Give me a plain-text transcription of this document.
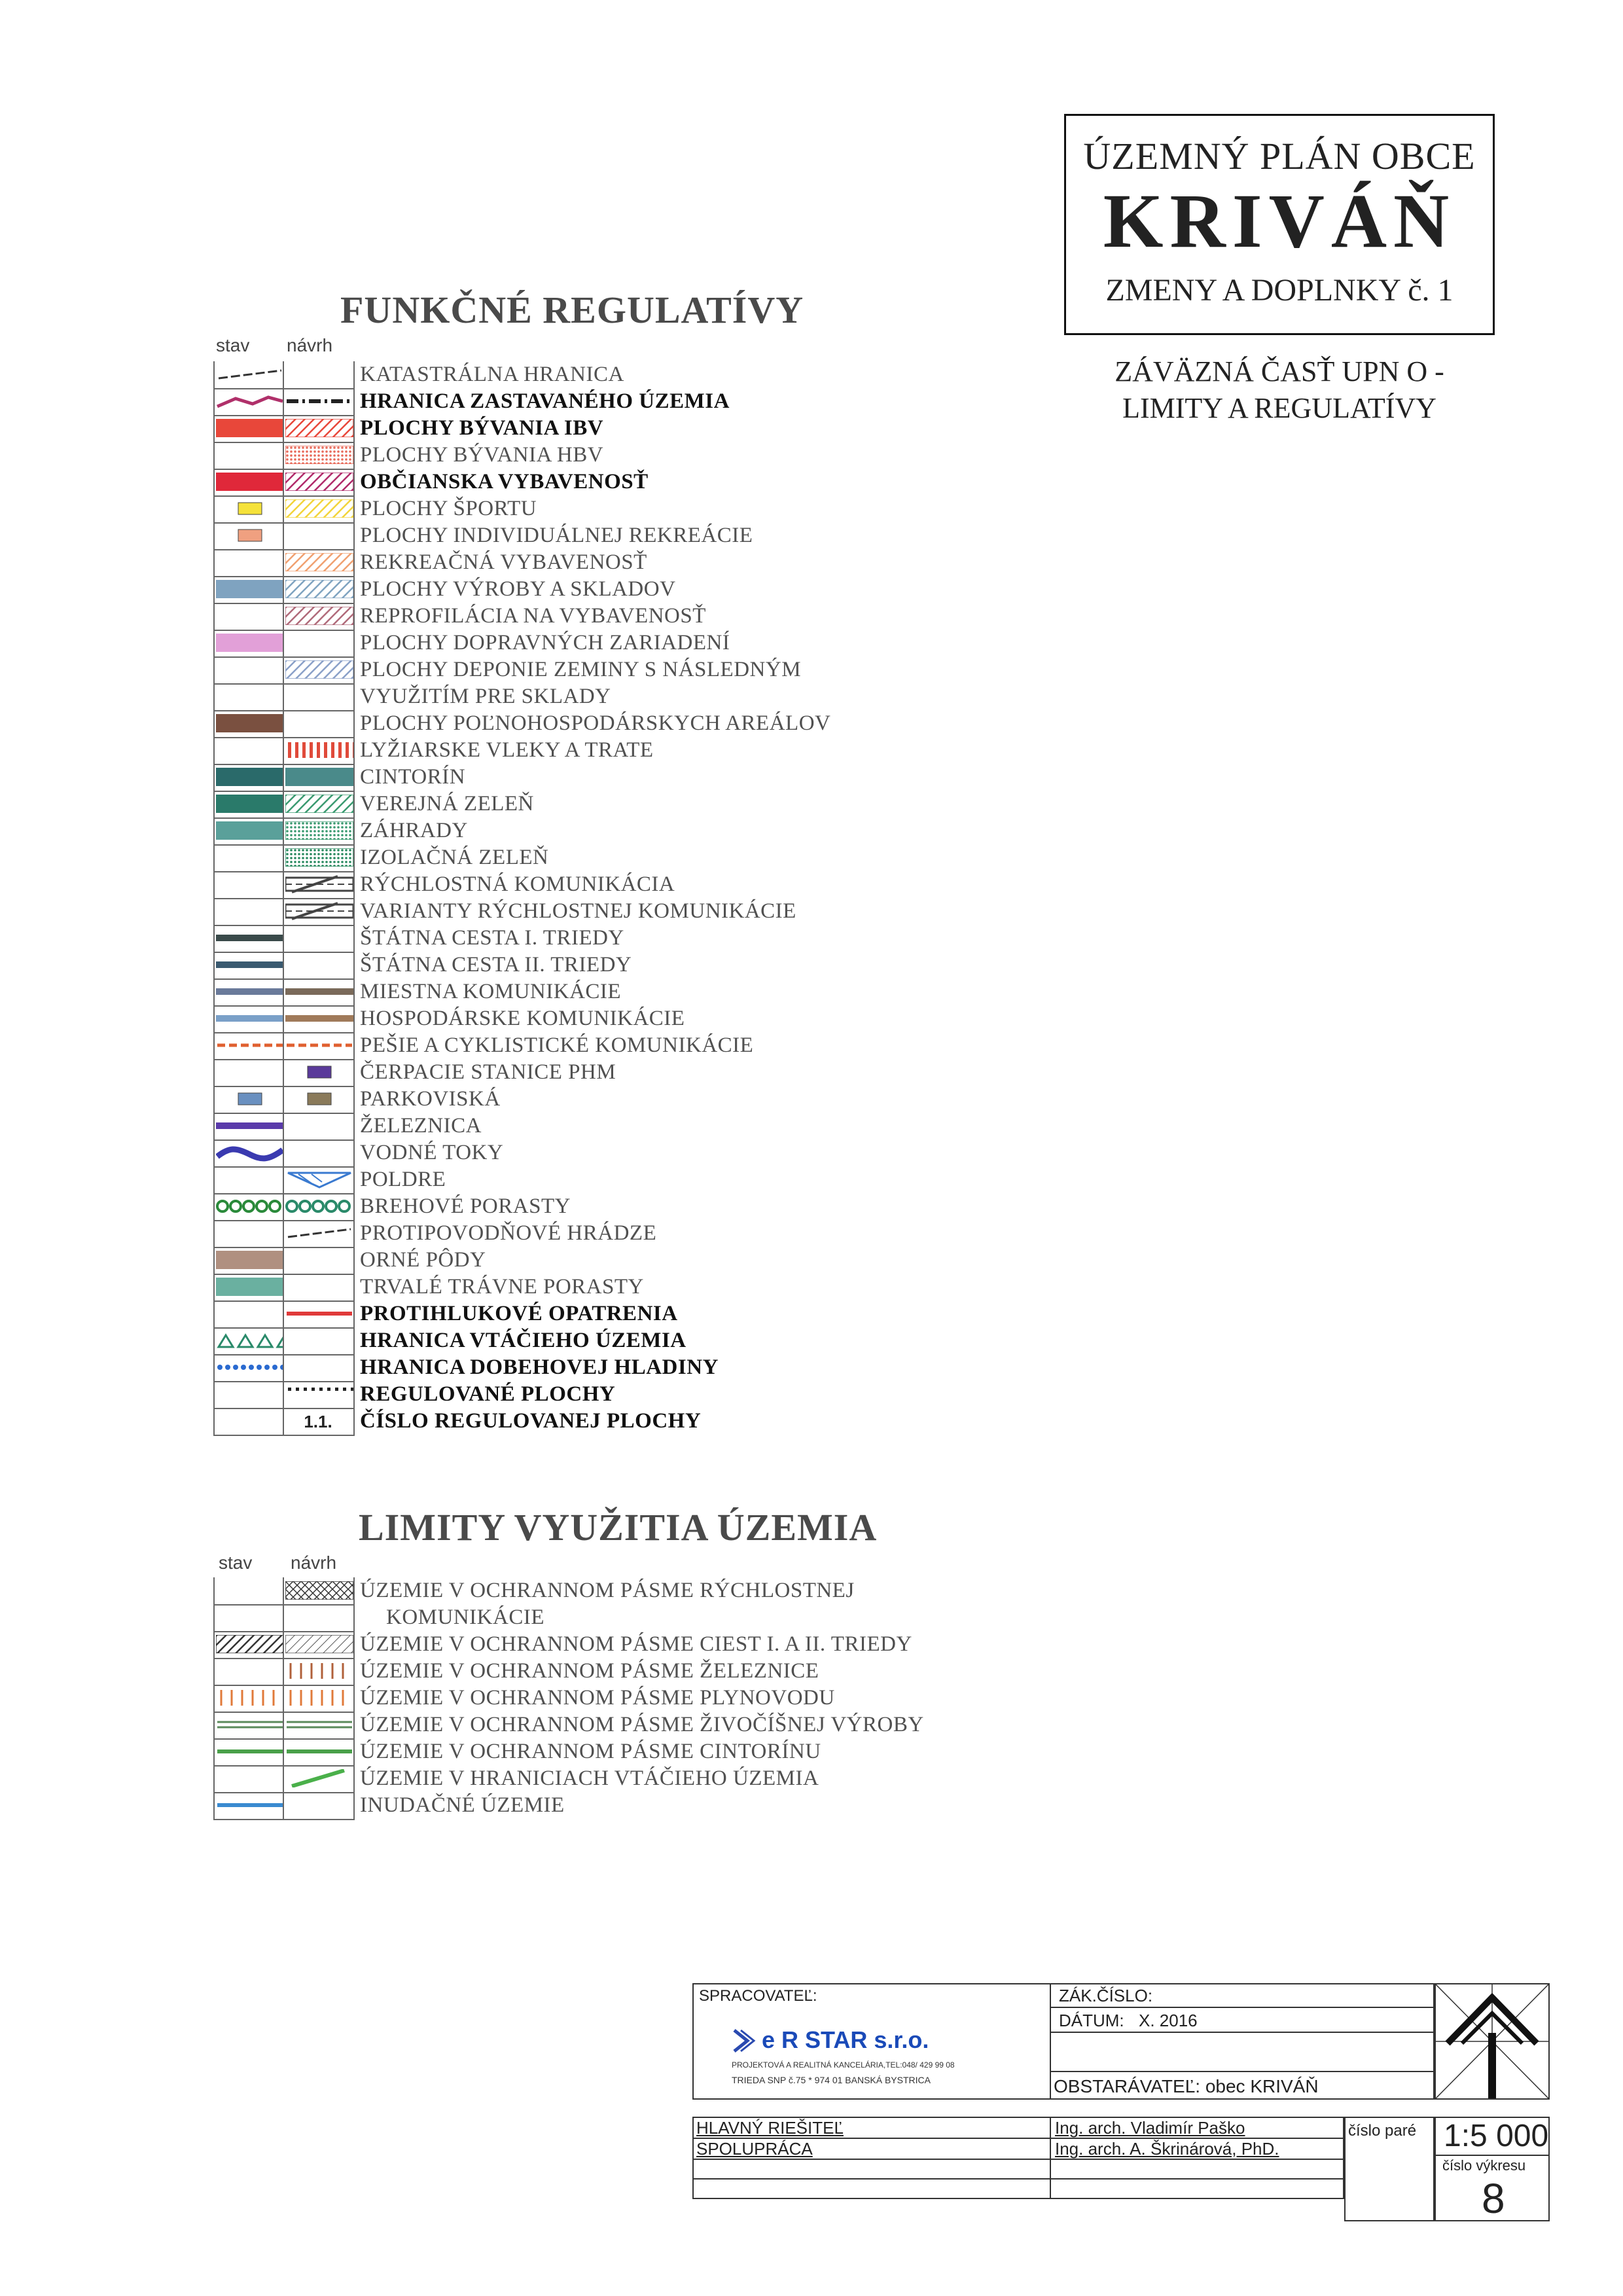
ÚZEMNÝ PLÁN OBCE
KRIVÁŇ
ZMENY A DOPLNKY č. 1
ZÁVÄZNÁ ČASŤ UPN O -
LIMITY A REGULATÍVY
FUNKČNÉ REGULATÍVY
stav návrh
LIMITY VYUŽITIA ÚZEMIA
stav návrh
KATASTRÁLNA HRANICA
HRANICA ZASTAVANÉHO ÚZEMIA
PLOCHY BÝVANIA IBV
PLOCHY BÝVANIA HBV
OBČIANSKA VYBAVENOSŤ
PLOCHY ŠPORTU
PLOCHY INDIVIDUÁLNEJ REKREÁCIE
REKREAČNÁ VYBAVENOSŤ
PLOCHY VÝROBY A SKLADOV
REPROFILÁCIA NA VYBAVENOSŤ
PLOCHY DOPRAVNÝCH ZARIADENÍ
PLOCHY DEPONIE ZEMINY S NÁSLEDNÝM
VYUŽITÍM PRE SKLADY
PLOCHY POĽNOHOSPODÁRSKYCH AREÁLOV
LYŽIARSKE VLEKY A TRATE
CINTORÍN
VEREJNÁ ZELEŇ
ZÁHRADY
IZOLAČNÁ ZELEŇ
RÝCHLOSTNÁ KOMUNIKÁCIA
VARIANTY RÝCHLOSTNEJ KOMUNIKÁCIE
ŠTÁTNA CESTA I. TRIEDY
ŠTÁTNA CESTA II. TRIEDY
MIESTNA KOMUNIKÁCIE
HOSPODÁRSKE KOMUNIKÁCIE
PEŠIE A CYKLISTICKÉ KOMUNIKÁCIE
ČERPACIE STANICE PHM
PARKOVISKÁ
ŽELEZNICA
VODNÉ TOKY
POLDRE
BREHOVÉ PORASTY
PROTIPOVODŇOVÉ HRÁDZE
ORNÉ PÔDY
TRVALÉ TRÁVNE PORASTY
PROTIHLUKOVÉ OPATRENIA
HRANICA VTÁČIEHO ÚZEMIA
HRANICA DOBEHOVEJ HLADINY
REGULOVANÉ PLOCHY
1.1. ČÍSLO REGULOVANEJ PLOCHY
ÚZEMIE V OCHRANNOM PÁSME RÝCHLOSTNEJ
KOMUNIKÁCIE
ÚZEMIE V OCHRANNOM PÁSME CIEST I. A II. TRIEDY
ÚZEMIE V OCHRANNOM PÁSME ŽELEZNICE
ÚZEMIE V OCHRANNOM PÁSME PLYNOVODU
ÚZEMIE V OCHRANNOM PÁSME ŽIVOČÍŠNEJ VÝROBY
ÚZEMIE V OCHRANNOM PÁSME CINTORÍNU
ÚZEMIE V HRANICIACH VTÁČIEHO ÚZEMIA
INUDAČNÉ ÚZEMIE
SPRACOVATEĽ:
e R STAR s.r.o.
PROJEKTOVÁ A REALITNÁ KANCELÁRIA,TEL:048/ 429 99 08
TRIEDA SNP č.75 * 974 01 BANSKÁ BYSTRICA
ZÁK.ČÍSLO:
DÁTUM: X. 2016
OBSTARÁVATEĽ: obec KRIVÁŇ
HLAVNÝ RIEŠITEĽ	Ing. arch. Vladimír Paško
SPOLUPRÁCA	Ing. arch. A. Škrinárová, PhD.
číslo paré 1:5 000
číslo výkresu
8
